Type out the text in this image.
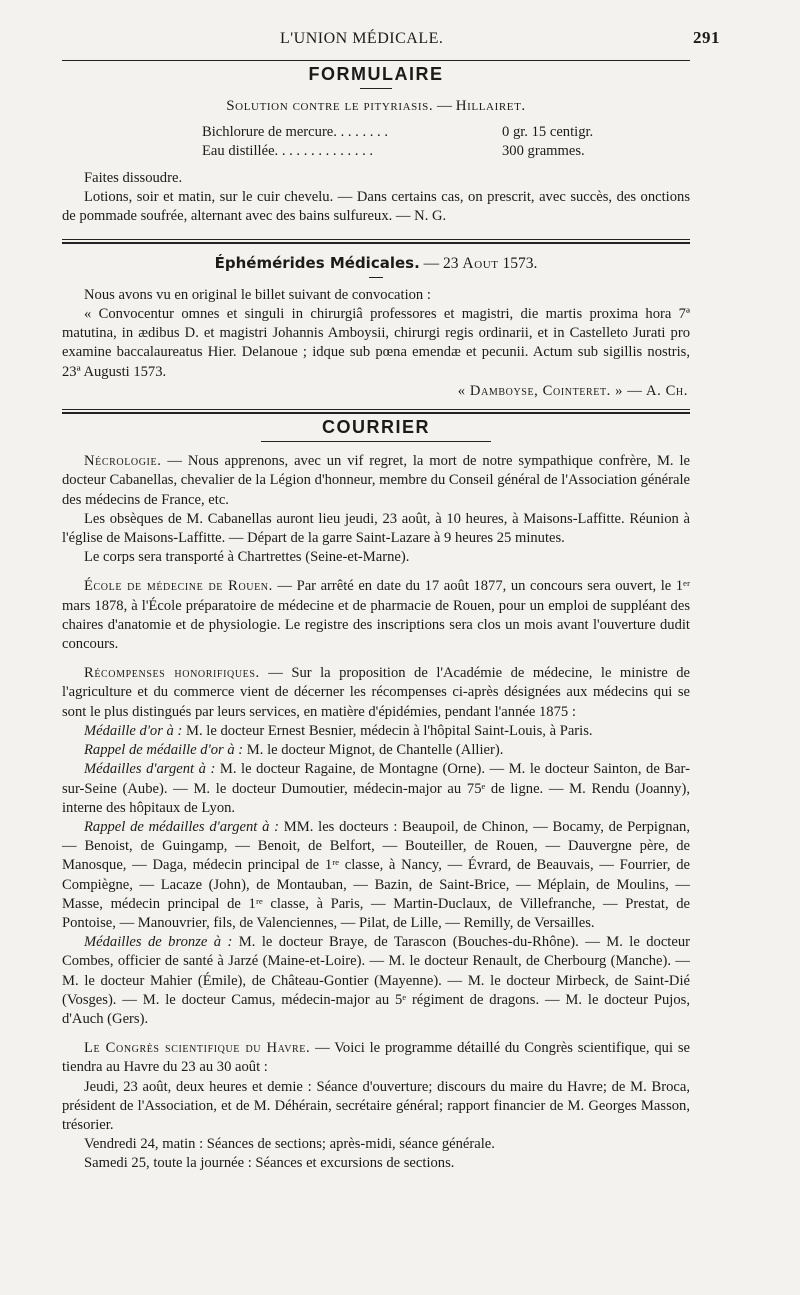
L'UNION MÉDICALE.	291
FORMULAIRE
Solution contre le pityriasis. — Hillairet.
Bichlorure de mercure. . . . . . . .	0 gr. 15 centigr.
Eau distillée. . . . . . . . . . . . . .	300 grammes.

Faites dissoudre.

Lotions, soir et matin, sur le cuir chevelu. — Dans certains cas, on prescrit, avec succès, des onctions de pommade soufrée, alternant avec des bains sulfureux. — N. G.

Éphémérides Médicales. — 23 Aout 1573.

Nous avons vu en original le billet suivant de convocation :

« Convocentur omnes et singuli in chirurgiâ professores et magistri, die martis proxima hora 7ª matutina, in ædibus D. et magistri Johannis Amboysii, chirurgi regis ordinarii, et in Castelleto Jurati pro examine baccalaureatus Hier. Delanoue ; idque sub pœna emendæ et pecunii. Actum sub sigillis nostris, 23ª Augusti 1573.

« Damboyse, Cointeret. » — A. Ch.

COURRIER

Nécrologie. — Nous apprenons, avec un vif regret, la mort de notre sympathique confrère, M. le docteur Cabanellas, chevalier de la Légion d'honneur, membre du Conseil général de l'Association générale des médecins de France, etc.

Les obsèques de M. Cabanellas auront lieu jeudi, 23 août, à 10 heures, à Maisons-Laffitte. Réunion à l'église de Maisons-Laffitte. — Départ de la garre Saint-Lazare à 9 heures 25 minutes.

Le corps sera transporté à Chartrettes (Seine-et-Marne).

École de médecine de Rouen. — Par arrêté en date du 17 août 1877, un concours sera ouvert, le 1ᵉʳ mars 1878, à l'École préparatoire de médecine et de pharmacie de Rouen, pour un emploi de suppléant des chaires d'anatomie et de physiologie. Le registre des inscriptions sera clos un mois avant l'ouverture dudit concours.

Récompenses honorifiques. — Sur la proposition de l'Académie de médecine, le ministre de l'agriculture et du commerce vient de décerner les récompenses ci-après désignées aux médecins qui se sont le plus distingués par leurs services, en matière d'épidémies, pendant l'année 1875 :

Médaille d'or à : M. le docteur Ernest Besnier, médecin à l'hôpital Saint-Louis, à Paris.

Rappel de médaille d'or à : M. le docteur Mignot, de Chantelle (Allier).

Médailles d'argent à : M. le docteur Ragaine, de Montagne (Orne). — M. le docteur Sainton, de Bar-sur-Seine (Aube). — M. le docteur Dumoutier, médecin-major au 75ᵉ de ligne. — M. Rendu (Joanny), interne des hôpitaux de Lyon.

Rappel de médailles d'argent à : MM. les docteurs : Beaupoil, de Chinon, — Bocamy, de Perpignan, — Benoist, de Guingamp, — Benoit, de Belfort, — Bouteiller, de Rouen, — Dauvergne père, de Manosque, — Daga, médecin principal de 1ʳᵉ classe, à Nancy, — Évrard, de Beauvais, — Fourrier, de Compiègne, — Lacaze (John), de Montauban, — Bazin, de Saint-Brice, — Méplain, de Moulins, — Masse, médecin principal de 1ʳᵉ classe, à Paris, — Martin-Duclaux, de Villefranche, — Prestat, de Pontoise, — Manouvrier, fils, de Valenciennes, — Pilat, de Lille, — Remilly, de Versailles.

Médailles de bronze à : M. le docteur Braye, de Tarascon (Bouches-du-Rhône). — M. le docteur Combes, officier de santé à Jarzé (Maine-et-Loire). — M. le docteur Renault, de Cherbourg (Manche). — M. le docteur Mahier (Émile), de Château-Gontier (Mayenne). — M. le docteur Mirbeck, de Saint-Dié (Vosges). — M. le docteur Camus, médecin-major au 5ᵉ régiment de dragons. — M. le docteur Pujos, d'Auch (Gers).

Le Congrès scientifique du Havre. — Voici le programme détaillé du Congrès scientifique, qui se tiendra au Havre du 23 au 30 août :

Jeudi, 23 août, deux heures et demie : Séance d'ouverture; discours du maire du Havre; de M. Broca, président de l'Association, et de M. Déhérain, secrétaire général; rapport financier de M. Georges Masson, trésorier.

Vendredi 24, matin : Séances de sections; après-midi, séance générale.

Samedi 25, toute la journée : Séances et excursions de sections.
